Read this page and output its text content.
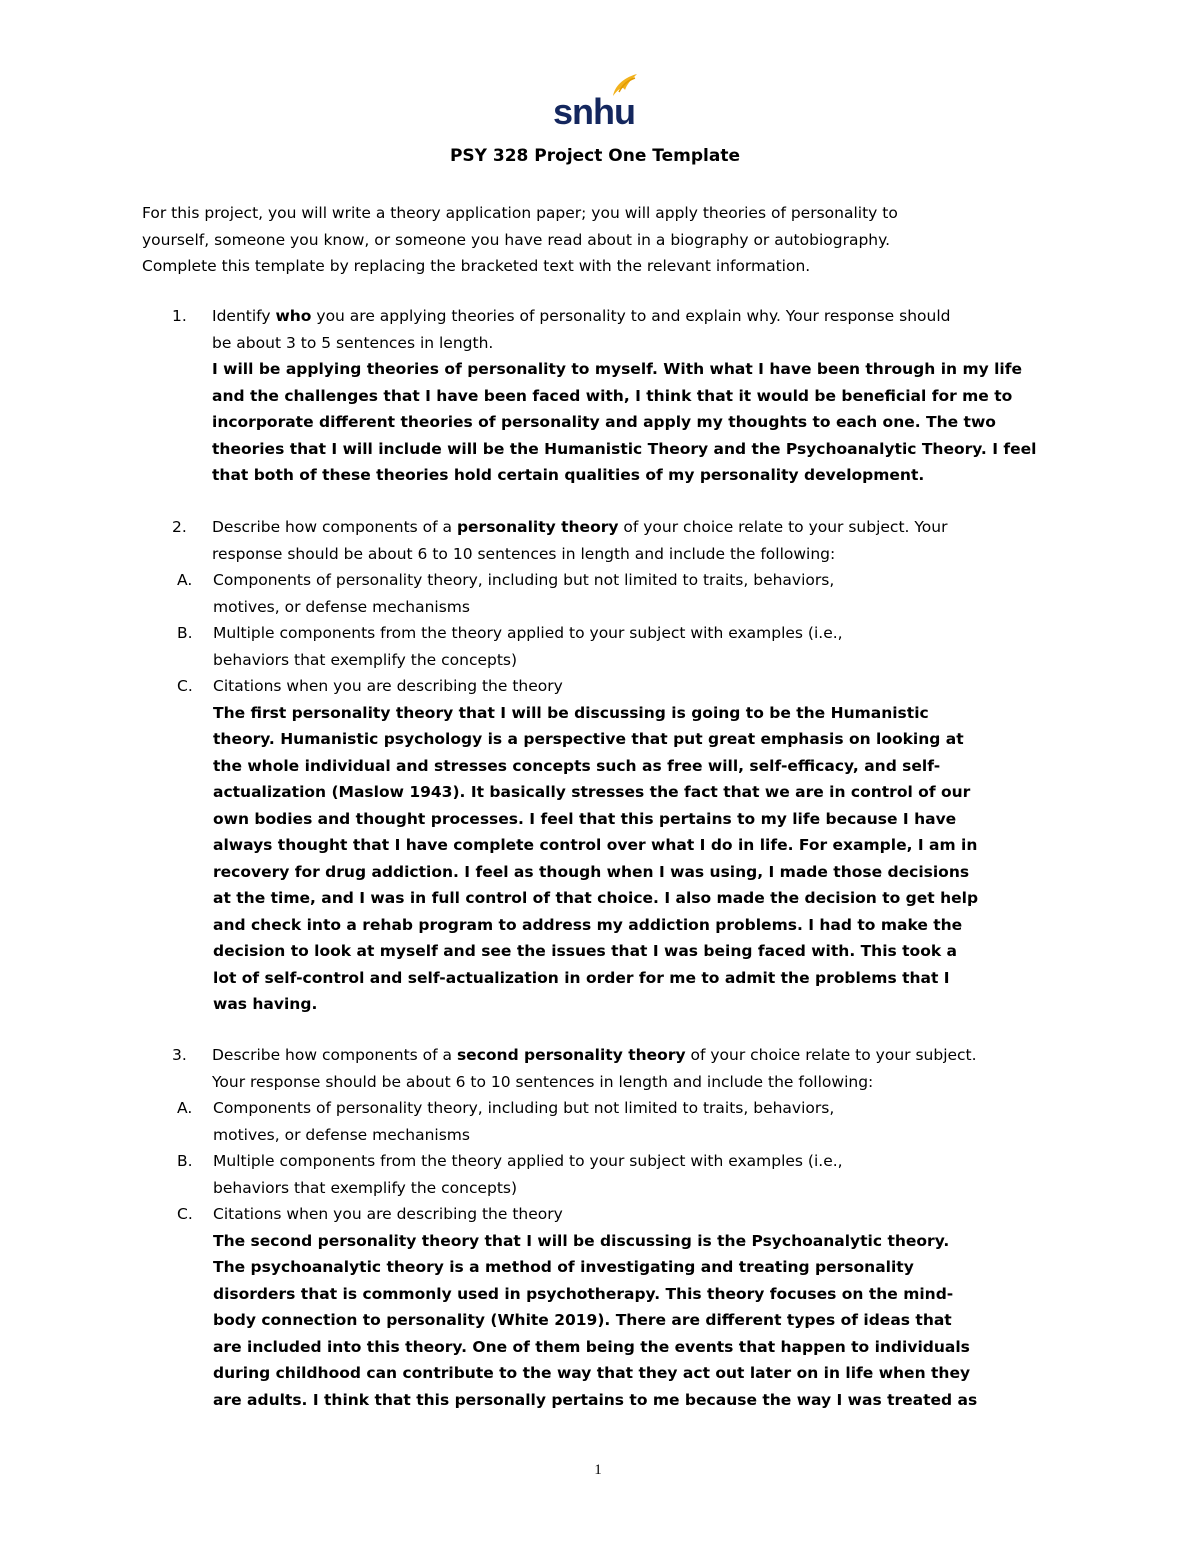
snhu
PSY 328 Project One Template

For this project, you will write a theory application paper; you will apply theories of personality to

yourself, someone you know, or someone you have read about in a biography or autobiography.

Complete this template by replacing the bracketed text with the relevant information.

1. Identify who you are applying theories of personality to and explain why. Your response should

be about 3 to 5 sentences in length.

I will be applying theories of personality to myself. With what I have been through in my life

and the challenges that I have been faced with, I think that it would be beneficial for me to

incorporate different theories of personality and apply my thoughts to each one. The two

theories that I will include will be the Humanistic Theory and the Psychoanalytic Theory. I feel

that both of these theories hold certain qualities of my personality development.

2. Describe how components of a personality theory of your choice relate to your subject. Your

response should be about 6 to 10 sentences in length and include the following:

A. Components of personality theory, including but not limited to traits, behaviors,

motives, or defense mechanisms

B. Multiple components from the theory applied to your subject with examples (i.e.,

behaviors that exemplify the concepts)

C. Citations when you are describing the theory

The first personality theory that I will be discussing is going to be the Humanistic

theory. Humanistic psychology is a perspective that put great emphasis on looking at

the whole individual and stresses concepts such as free will, self-efficacy, and self-

actualization (Maslow 1943). It basically stresses the fact that we are in control of our

own bodies and thought processes. I feel that this pertains to my life because I have

always thought that I have complete control over what I do in life. For example, I am in

recovery for drug addiction. I feel as though when I was using, I made those decisions

at the time, and I was in full control of that choice. I also made the decision to get help

and check into a rehab program to address my addiction problems. I had to make the

decision to look at myself and see the issues that I was being faced with. This took a

lot of self-control and self-actualization in order for me to admit the problems that I

was having.

3. Describe how components of a second personality theory of your choice relate to your subject.

Your response should be about 6 to 10 sentences in length and include the following:

A. Components of personality theory, including but not limited to traits, behaviors,

motives, or defense mechanisms

B. Multiple components from the theory applied to your subject with examples (i.e.,

behaviors that exemplify the concepts)

C. Citations when you are describing the theory

The second personality theory that I will be discussing is the Psychoanalytic theory.

The psychoanalytic theory is a method of investigating and treating personality

disorders that is commonly used in psychotherapy. This theory focuses on the mind-

body connection to personality (White 2019). There are different types of ideas that

are included into this theory. One of them being the events that happen to individuals

during childhood can contribute to the way that they act out later on in life when they

are adults. I think that this personally pertains to me because the way I was treated as

1
